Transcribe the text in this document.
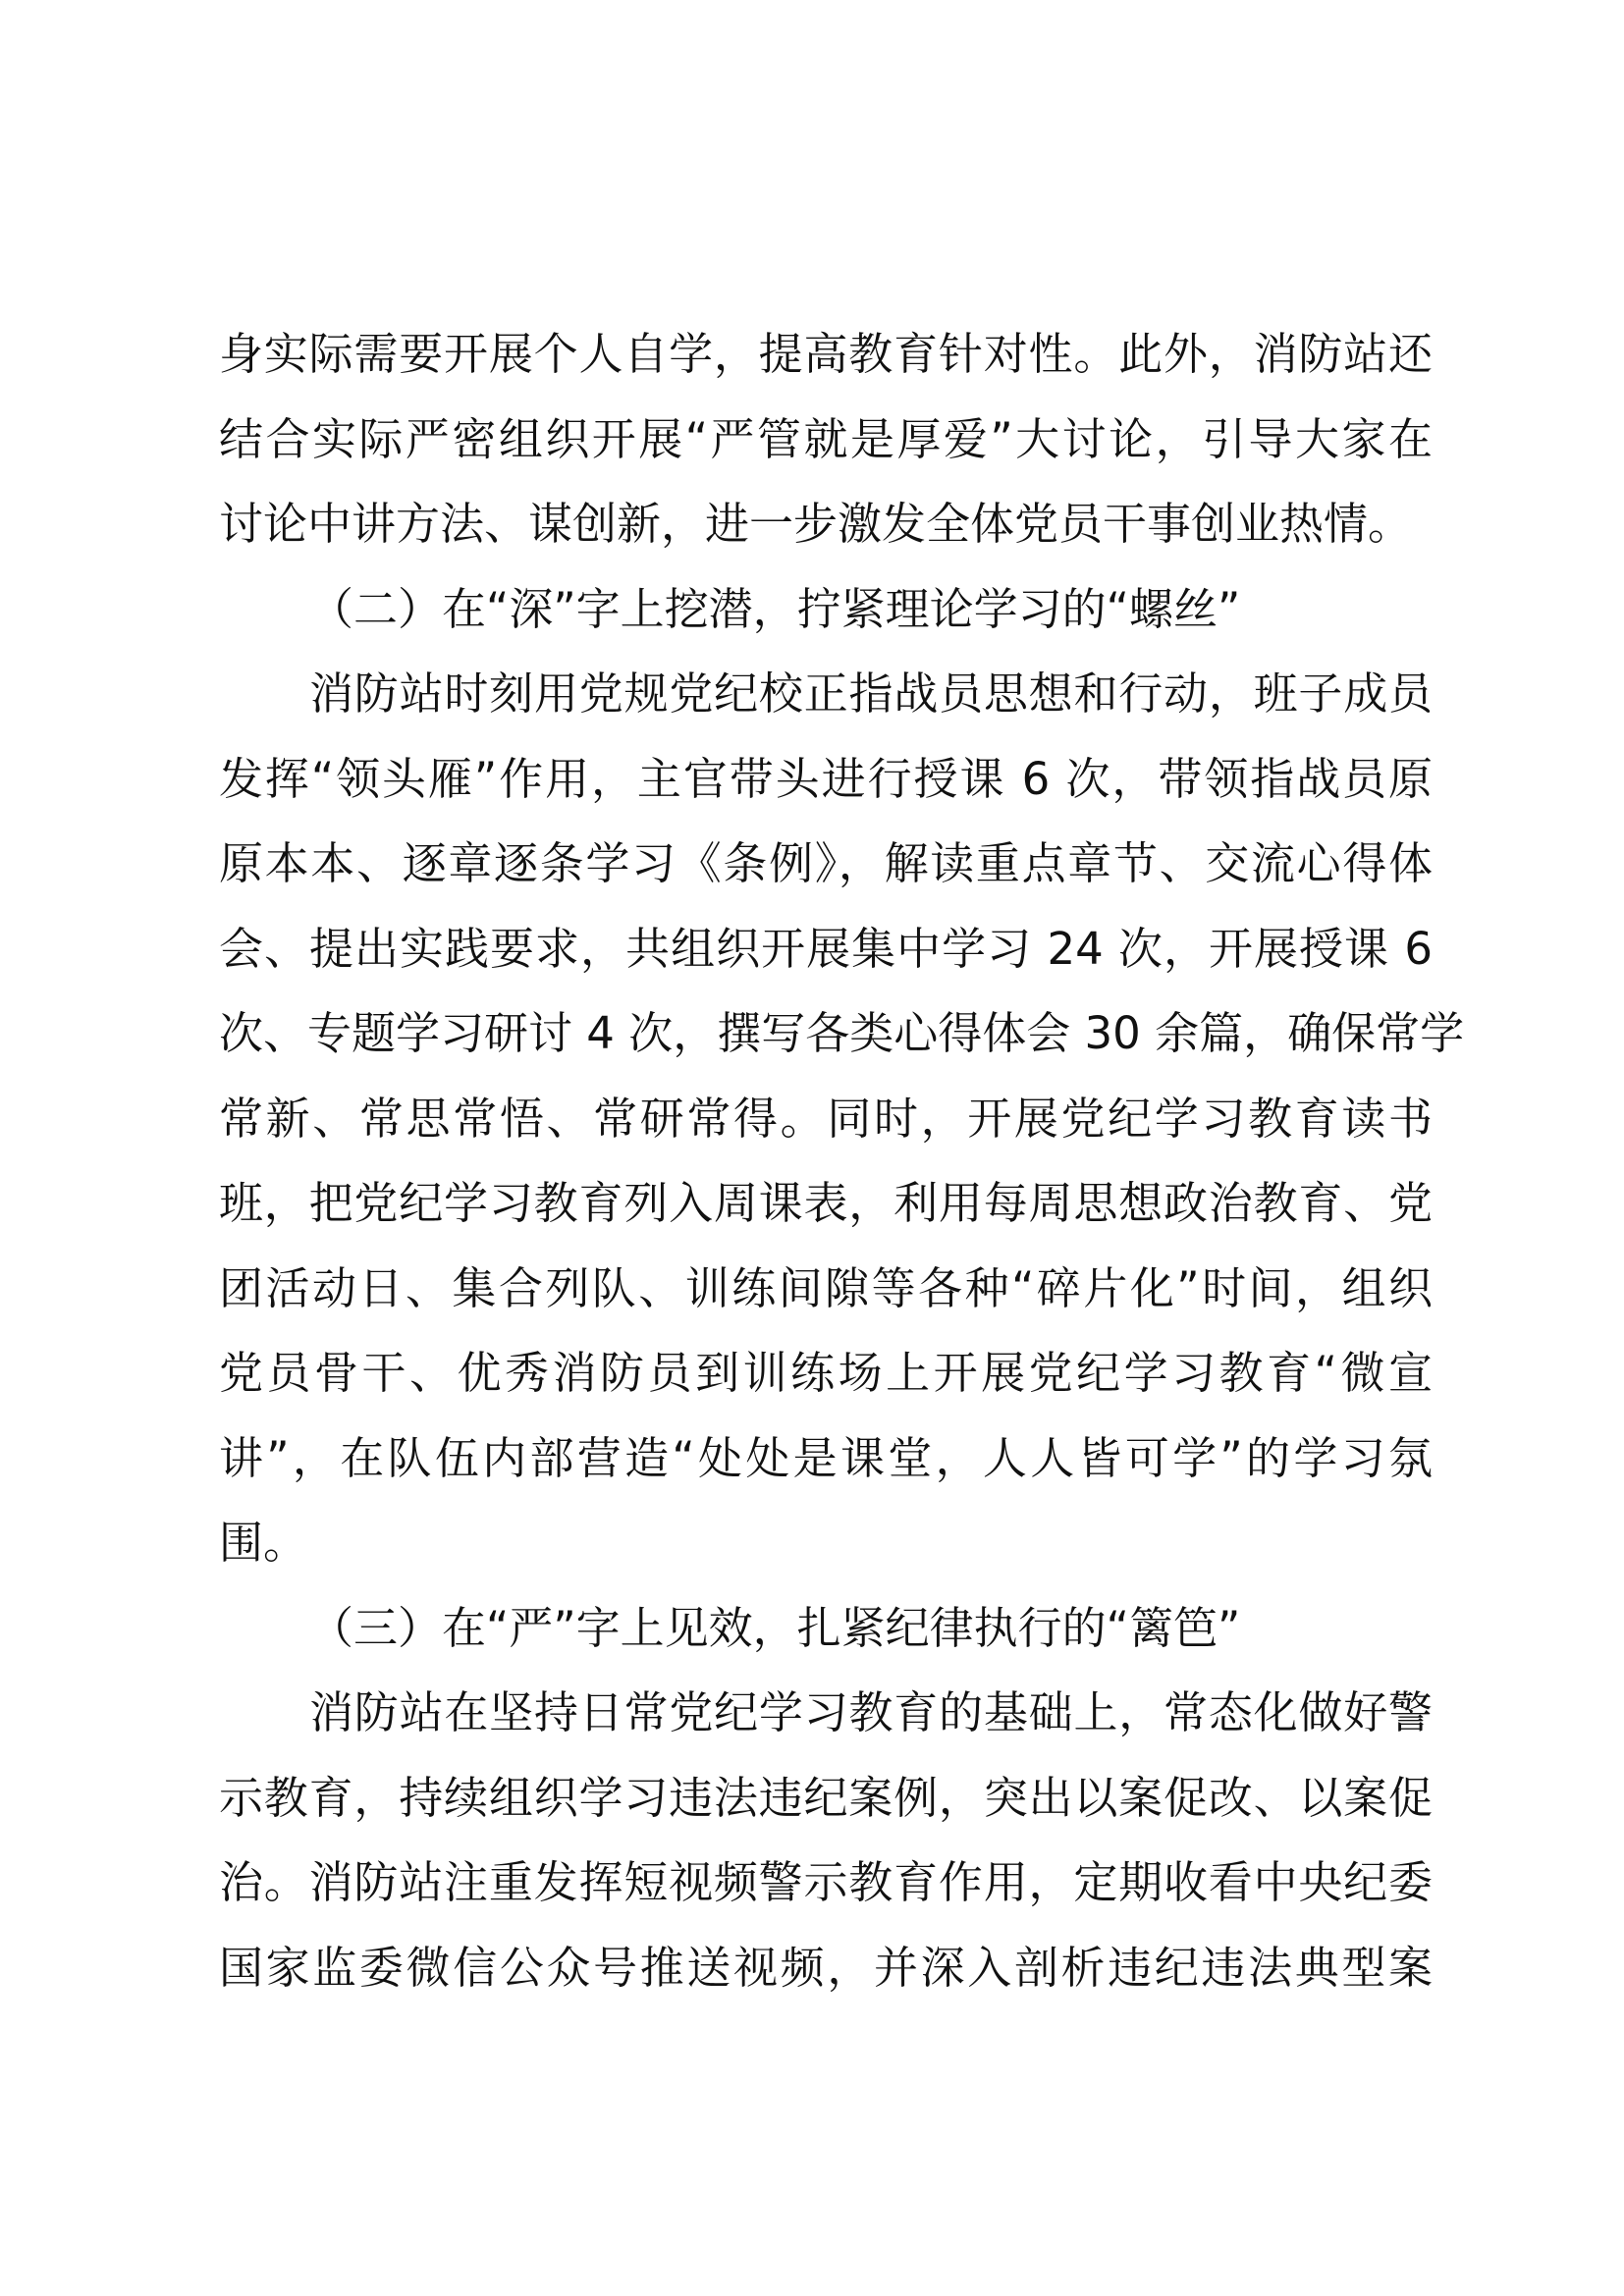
身实际需要开展个人自学，提高教育针对性。此外，消防站还
结合实际严密组织开展“严管就是厚爱”大讨论，引导大家在
讨论中讲方法、谋创新，进一步激发全体党员干事创业热情。
（二）在“深”字上挖潜，拧紧理论学习的“螺丝”
消防站时刻用党规党纪校正指战员思想和行动，班子成员
发挥“领头雁”作用，主官带头进行授课 6 次，带领指战员原
原本本、逐章逐条学习《条例》，解读重点章节、交流心得体
会、提出实践要求，共组织开展集中学习 24 次，开展授课 6
次、专题学习研讨 4 次，撰写各类心得体会 30 余篇，确保常学
常新、常思常悟、常研常得。同时，开展党纪学习教育读书
班，把党纪学习教育列入周课表，利用每周思想政治教育、党
团活动日、集合列队、训练间隙等各种“碎片化”时间，组织
党员骨干、优秀消防员到训练场上开展党纪学习教育“微宣
讲”，在队伍内部营造“处处是课堂，人人皆可学”的学习氛
围。
（三）在“严”字上见效，扎紧纪律执行的“篱笆”
消防站在坚持日常党纪学习教育的基础上，常态化做好警
示教育，持续组织学习违法违纪案例，突出以案促改、以案促
治。消防站注重发挥短视频警示教育作用，定期收看中央纪委
国家监委微信公众号推送视频，并深入剖析违纪违法典型案
